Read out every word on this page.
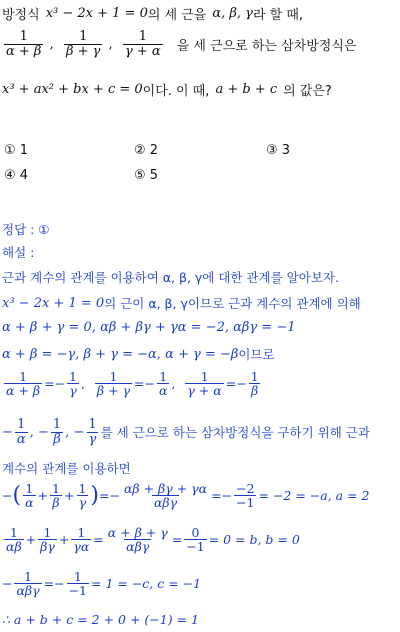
방정식 x³ − 2x + 1 = 0 의 세 근을 α, β, γ 라 할 때,
$\frac{1}{\alpha + \beta}$ , $\frac{1}{\beta + \gamma}$ , $\frac{1}{\gamma + \alpha}$ 을 세 근으로 하는 삼차방정식은
x³ + ax² + bx + c = 0 이다. 이 때, a + b + c 의 값은?
① 1	② 2	③ 3
④ 4	⑤ 5
정답 : ①
해설 :
근과 계수의 관계를 이용하여 α, β, γ에 대한 관계를 알아보자.
x³ − 2x + 1 = 0 의 근이 α, β, γ이므로 근과 계수의 관계에 의해
α + β + γ = 0, αβ + βγ + γα = −2, αβγ = −1
α + β = −γ, β + γ = −α, α + γ = −β 이므로
$\frac{1}{\alpha + \beta} =- \frac{1}{\gamma}$ , $\frac{1}{\beta + \gamma} =- \frac{1}{\alpha}$ , $\frac{1}{\gamma + \alpha} =- \frac{1}{\beta}$
− $\frac{1}{\alpha}$ , − $\frac{1}{\beta}$ , − $\frac{1}{\gamma}$ 를 세 근으로 하는 삼차방정식을 구하기 위해 근과
계수의 관계를 이용하면
− ( $\frac{1}{\alpha} + \frac{1}{\beta} + \frac{1}{\gamma}$ ) =− $\frac{\alpha\beta + \beta\gamma + \gamma\alpha}{\text{αβγ}} =- \frac{-2}{-1} = -2 = -a$, a = 2
$\frac{1}{\alpha\beta} + \frac{1}{\beta\gamma} + \frac{1}{\gamma\alpha} = \frac{\alpha + \beta + \gamma}{\text{αβγ}} = \frac{0}{-1} = 0 = b$, b = 0
− $\frac{1}{\text{αβγ}} =- \frac{1}{-1} = 1 = -c$, c = −1
∴ a + b + c = 2 + 0 + (−1) = 1
